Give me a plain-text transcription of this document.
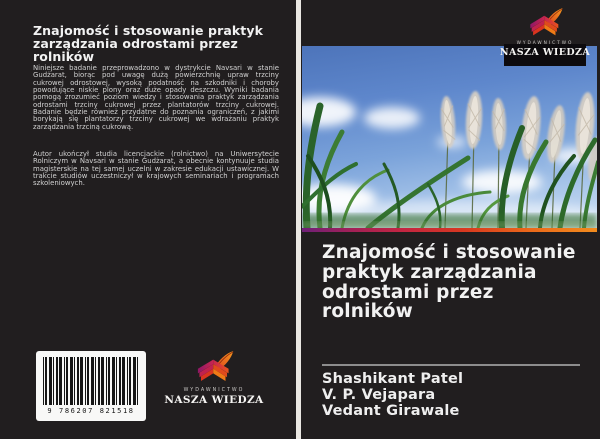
Znajomość i stosowanie praktyk zarządzania odrostami przez rolników
Niniejsze badanie przeprowadzono w dystrykcie Navsari w stanie Gudżarat, biorąc pod uwagę dużą powierzchnię upraw trzciny cukrowej odrostowej, wysoką podatność na szkodniki i choroby powodujące niskie plony oraz duże opady deszczu. Wyniki badania pomogą zrozumieć poziom wiedzy i stosowania praktyk zarządzania odrostami trzciny cukrowej przez plantatorów trzciny cukrowej. Badanie będzie również przydatne do poznania ograniczeń, z jakimi borykają się plantatorzy trzciny cukrowej we wdrażaniu praktyk zarządzania trzciną cukrową.
Autor ukończył studia licencjackie (rolnictwo) na Uniwersytecie Rolniczym w Navsari w stanie Gudżarat, a obecnie kontynuuje studia magisterskie na tej samej uczelni w zakresie edukacji ustawicznej. W trakcie studiów uczestniczył w krajowych seminariach i programach szkoleniowych.
9 786207 821518
WYDAWNICTWO
NASZA WIEDZA
WYDAWNICTWO
NASZA WIEDZA
Znajomość i stosowanie praktyk zarządzania odrostami przez rolników
Shashikant Patel
V. P. Vejapara
Vedant Girawale
